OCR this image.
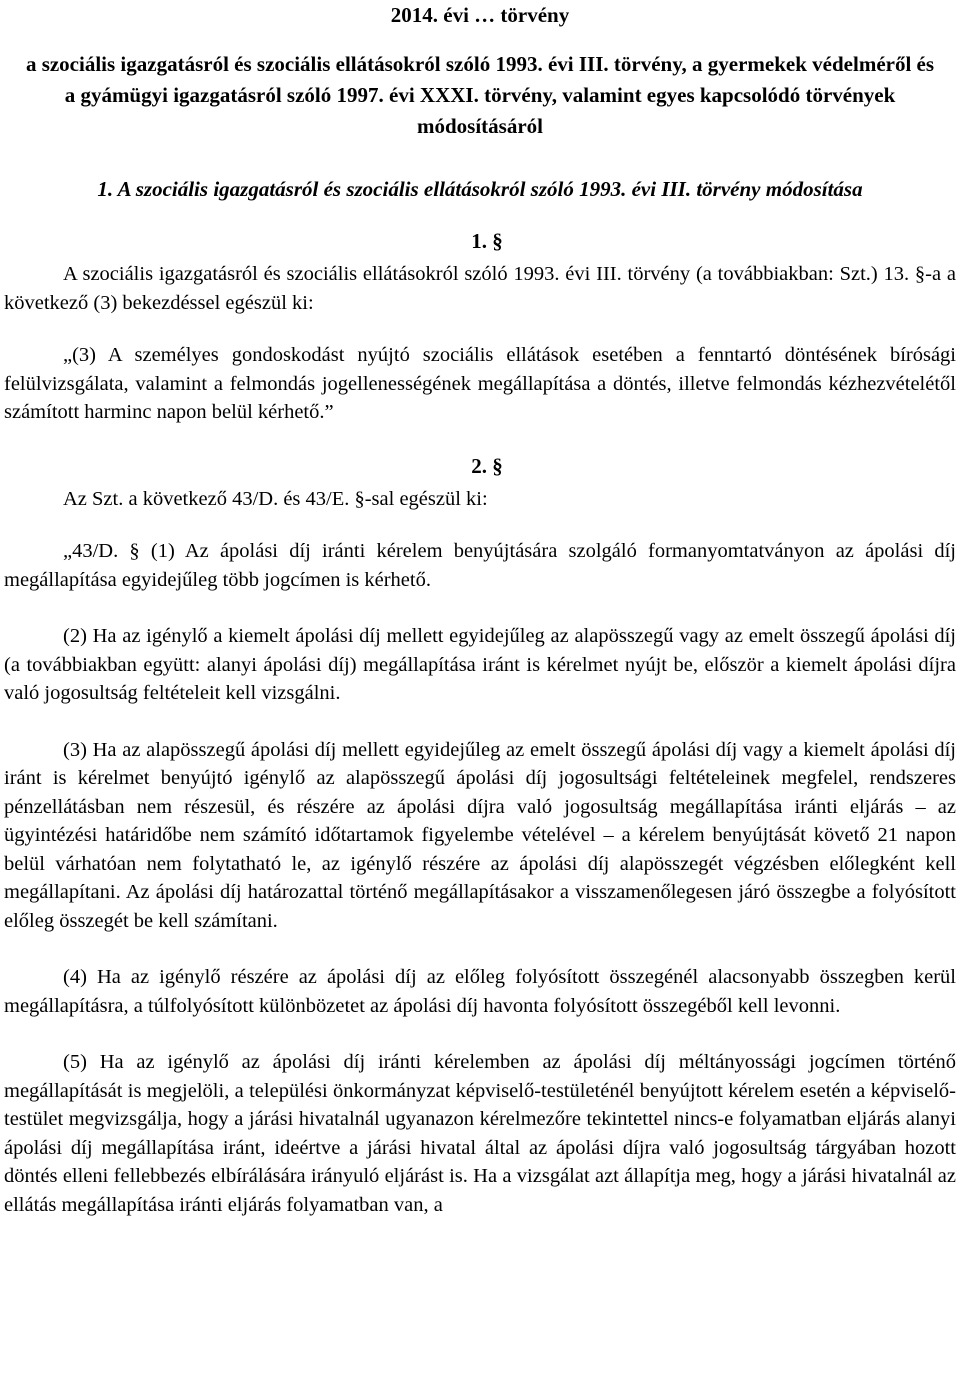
2014. évi … törvény

a szociális igazgatásról és szociális ellátásokról szóló 1993. évi III. törvény, a gyermekek védelméről és a gyámügyi igazgatásról szóló 1997. évi XXXI. törvény, valamint egyes kapcsolódó törvények módosításáról

1. A szociális igazgatásról és szociális ellátásokról szóló 1993. évi III. törvény módosítása

1. §

A szociális igazgatásról és szociális ellátásokról szóló 1993. évi III. törvény (a továbbiakban: Szt.) 13. §-a a következő (3) bekezdéssel egészül ki:

„(3) A személyes gondoskodást nyújtó szociális ellátások esetében a fenntartó döntésének bírósági felülvizsgálata, valamint a felmondás jogellenességének megállapítása a döntés, illetve felmondás kézhezvételétől számított harminc napon belül kérhető.”

2. §

Az Szt. a következő 43/D. és 43/E. §-sal egészül ki:

„43/D. § (1) Az ápolási díj iránti kérelem benyújtására szolgáló formanyomtatványon az ápolási díj megállapítása egyidejűleg több jogcímen is kérhető.

(2) Ha az igénylő a kiemelt ápolási díj mellett egyidejűleg az alapösszegű vagy az emelt összegű ápolási díj (a továbbiakban együtt: alanyi ápolási díj) megállapítása iránt is kérelmet nyújt be, először a kiemelt ápolási díjra való jogosultság feltételeit kell vizsgálni.

(3) Ha az alapösszegű ápolási díj mellett egyidejűleg az emelt összegű ápolási díj vagy a kiemelt ápolási díj iránt is kérelmet benyújtó igénylő az alapösszegű ápolási díj jogosultsági feltételeinek megfelel, rendszeres pénzellátásban nem részesül, és részére az ápolási díjra való jogosultság megállapítása iránti eljárás – az ügyintézési határidőbe nem számító időtartamok figyelembe vételével – a kérelem benyújtását követő 21 napon belül várhatóan nem folytatható le, az igénylő részére az ápolási díj alapösszegét végzésben előlegként kell megállapítani. Az ápolási díj határozattal történő megállapításakor a visszamenőlegesen járó összegbe a folyósított előleg összegét be kell számítani.

(4) Ha az igénylő részére az ápolási díj az előleg folyósított összegénél alacsonyabb összegben kerül megállapításra, a túlfolyósított különbözetet az ápolási díj havonta folyósított összegéből kell levonni.

(5) Ha az igénylő az ápolási díj iránti kérelemben az ápolási díj méltányossági jogcímen történő megállapítását is megjelöli, a települési önkormányzat képviselő-testületénél benyújtott kérelem esetén a képviselő-testület megvizsgálja, hogy a járási hivatalnál ugyanazon kérelmezőre tekintettel nincs-e folyamatban eljárás alanyi ápolási díj megállapítása iránt, ideértve a járási hivatal által az ápolási díjra való jogosultság tárgyában hozott döntés elleni fellebbezés elbírálására irányuló eljárást is. Ha a vizsgálat azt állapítja meg, hogy a járási hivatalnál az ellátás megállapítása iránti eljárás folyamatban van, a
